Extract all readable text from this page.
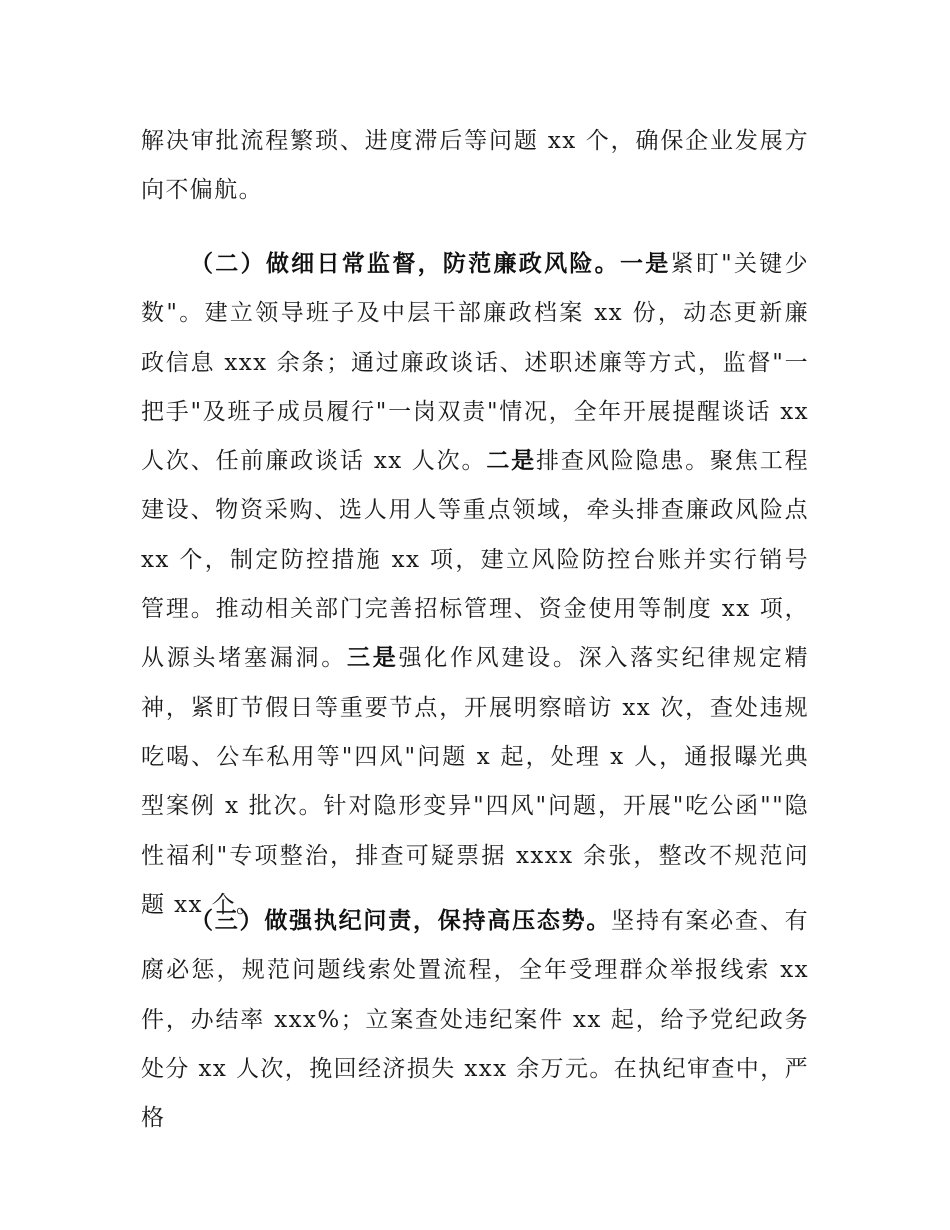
解决审批流程繁琐、进度滞后等问题 xx 个，确保企业发展方向不偏航。

（二）做细日常监督，防范廉政风险。一是紧盯"关键少数"。建立领导班子及中层干部廉政档案 xx 份，动态更新廉政信息 xxx 余条；通过廉政谈话、述职述廉等方式，监督"一把手"及班子成员履行"一岗双责"情况，全年开展提醒谈话 xx 人次、任前廉政谈话 xx 人次。二是排查风险隐患。聚焦工程建设、物资采购、选人用人等重点领域，牵头排查廉政风险点 xx 个，制定防控措施 xx 项，建立风险防控台账并实行销号管理。推动相关部门完善招标管理、资金使用等制度 xx 项，从源头堵塞漏洞。三是强化作风建设。深入落实纪律规定精神，紧盯节假日等重要节点，开展明察暗访 xx 次，查处违规吃喝、公车私用等"四风"问题 x 起，处理 x 人，通报曝光典型案例 x 批次。针对隐形变异"四风"问题，开展"吃公函""隐性福利"专项整治，排查可疑票据 xxxx 余张，整改不规范问题 xx 个。

（三）做强执纪问责，保持高压态势。坚持有案必查、有腐必惩，规范问题线索处置流程，全年受理群众举报线索 xx 件，办结率 xxx%；立案查处违纪案件 xx 起，给予党纪政务处分 xx 人次，挽回经济损失 xxx 余万元。在执纪审查中，严格
